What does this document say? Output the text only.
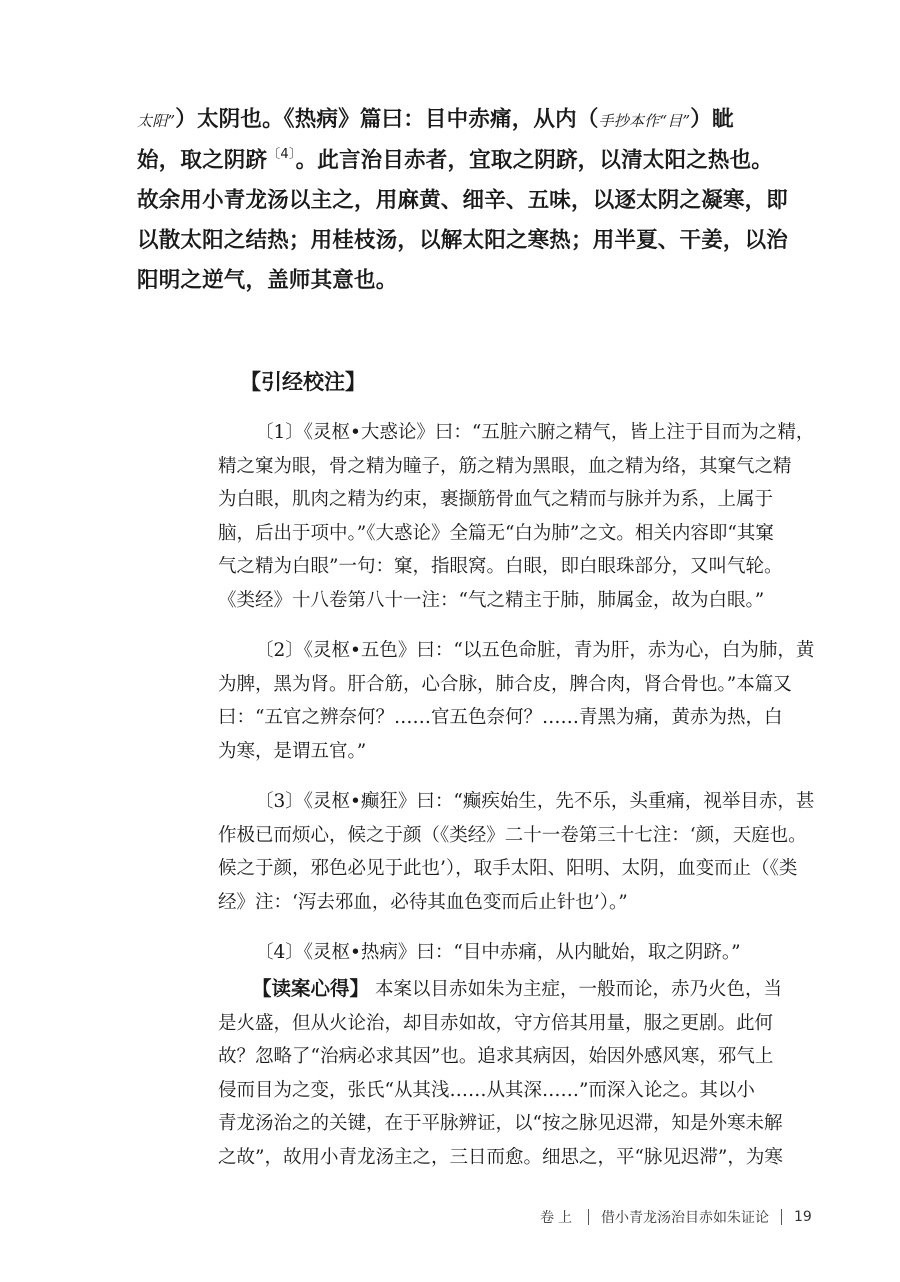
太阳”）太阴也。《热病》篇曰：目中赤痛，从内（手抄本作“目”）眦

始，取之阴跻$^{〔4〕}$。此言治目赤者，宜取之阴跻，以清太阳之热也。

故余用小青龙汤以主之，用麻黄、细辛、五味，以逐太阴之凝寒，即

以散太阳之结热；用桂枝汤，以解太阳之寒热；用半夏、干姜，以治

阳明之逆气，盖师其意也。

【引经校注】
〔1〕《灵枢•大惑论》曰：“五脏六腑之精气，皆上注于目而为之精，
精之窠为眼，骨之精为瞳子，筋之精为黑眼，血之精为络，其窠气之精
为白眼，肌肉之精为约束，裹撷筋骨血气之精而与脉并为系，上属于
脑，后出于项中。”《大惑论》全篇无“白为肺”之文。相关内容即“其窠
气之精为白眼”一句：窠，指眼窝。白眼，即白眼珠部分，又叫气轮。
《类经》十八卷第八十一注：“气之精主于肺，肺属金，故为白眼。”
〔2〕《灵枢•五色》曰：“以五色命脏，青为肝，赤为心，白为肺，黄
为脾，黑为肾。肝合筋，心合脉，肺合皮，脾合肉，肾合骨也。”本篇又
曰：“五官之辨奈何？……官五色奈何？……青黑为痛，黄赤为热，白
为寒，是谓五官。”
〔3〕《灵枢•癫狂》曰：“癫疾始生，先不乐，头重痛，视举目赤，甚
作极已而烦心，候之于颜（《类经》二十一卷第三十七注：‘颜，天庭也。
候之于颜，邪色必见于此也’），取手太阳、阳明、太阴，血变而止（《类
经》注：‘泻去邪血，必待其血色变而后止针也’）。”
〔4〕《灵枢•热病》曰：“目中赤痛，从内眦始，取之阴跻。”
【读案心得】 本案以目赤如朱为主症，一般而论，赤乃火色，当
是火盛，但从火论治，却目赤如故，守方倍其用量，服之更剧。此何
故？忽略了“治病必求其因”也。追求其病因，始因外感风寒，邪气上
侵而目为之变，张氏“从其浅……从其深……”而深入论之。其以小
青龙汤治之的关键，在于平脉辨证，以“按之脉见迟滞，知是外寒未解
之故”，故用小青龙汤主之，三日而愈。细思之，平“脉见迟滞”，为寒
卷上 借小青龙汤治目赤如朱证论 19
